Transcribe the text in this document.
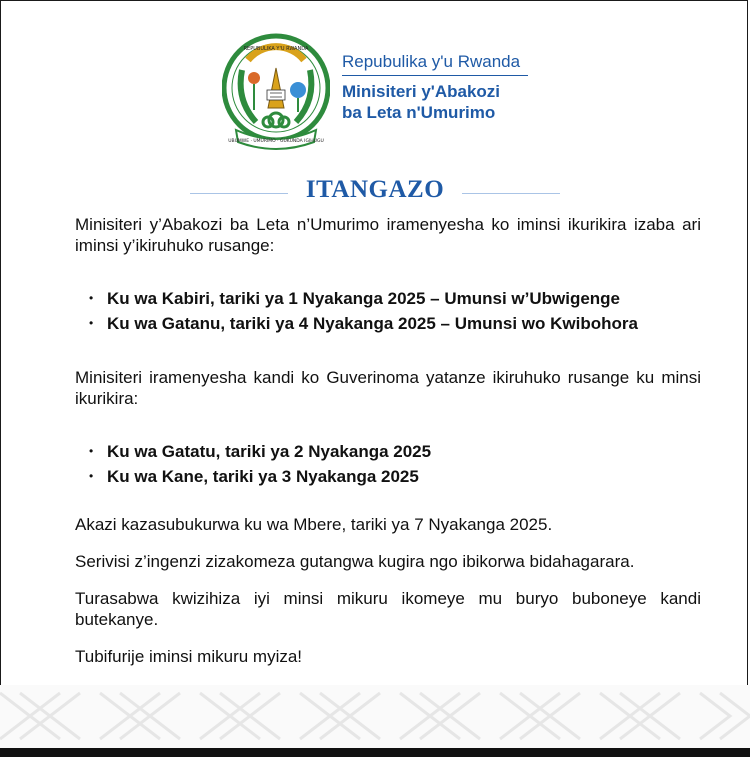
REPUBULIKA Y'U RWANDA
UBUMWE · UMURIMO · GUKUNDA IGIHUGU
Repubulika y'u Rwanda
Minisiteri y'Abakozi
ba Leta n'Umurimo
ITANGAZO

Minisiteri y’Abakozi ba Leta n’Umurimo iramenyesha ko iminsi ikurikira izaba ari iminsi y’ikiruhuko rusange:

• Ku wa Kabiri, tariki ya 1 Nyakanga 2025 – Umunsi w’Ubwigenge
• Ku wa Gatanu, tariki ya 4 Nyakanga 2025 – Umunsi wo Kwibohora

Minisiteri iramenyesha kandi ko Guverinoma yatanze ikiruhuko rusange ku minsi ikurikira:

• Ku wa Gatatu, tariki ya 2 Nyakanga 2025
• Ku wa Kane, tariki ya 3 Nyakanga 2025

Akazi kazasubukurwa ku wa Mbere, tariki ya 7 Nyakanga 2025.

Serivisi z’ingenzi zizakomeza gutangwa kugira ngo ibikorwa bidahagarara.

Turasabwa kwizihiza iyi minsi mikuru ikomeye mu buryo buboneye kandi butekanye.

Tubifurije iminsi mikuru myiza!
